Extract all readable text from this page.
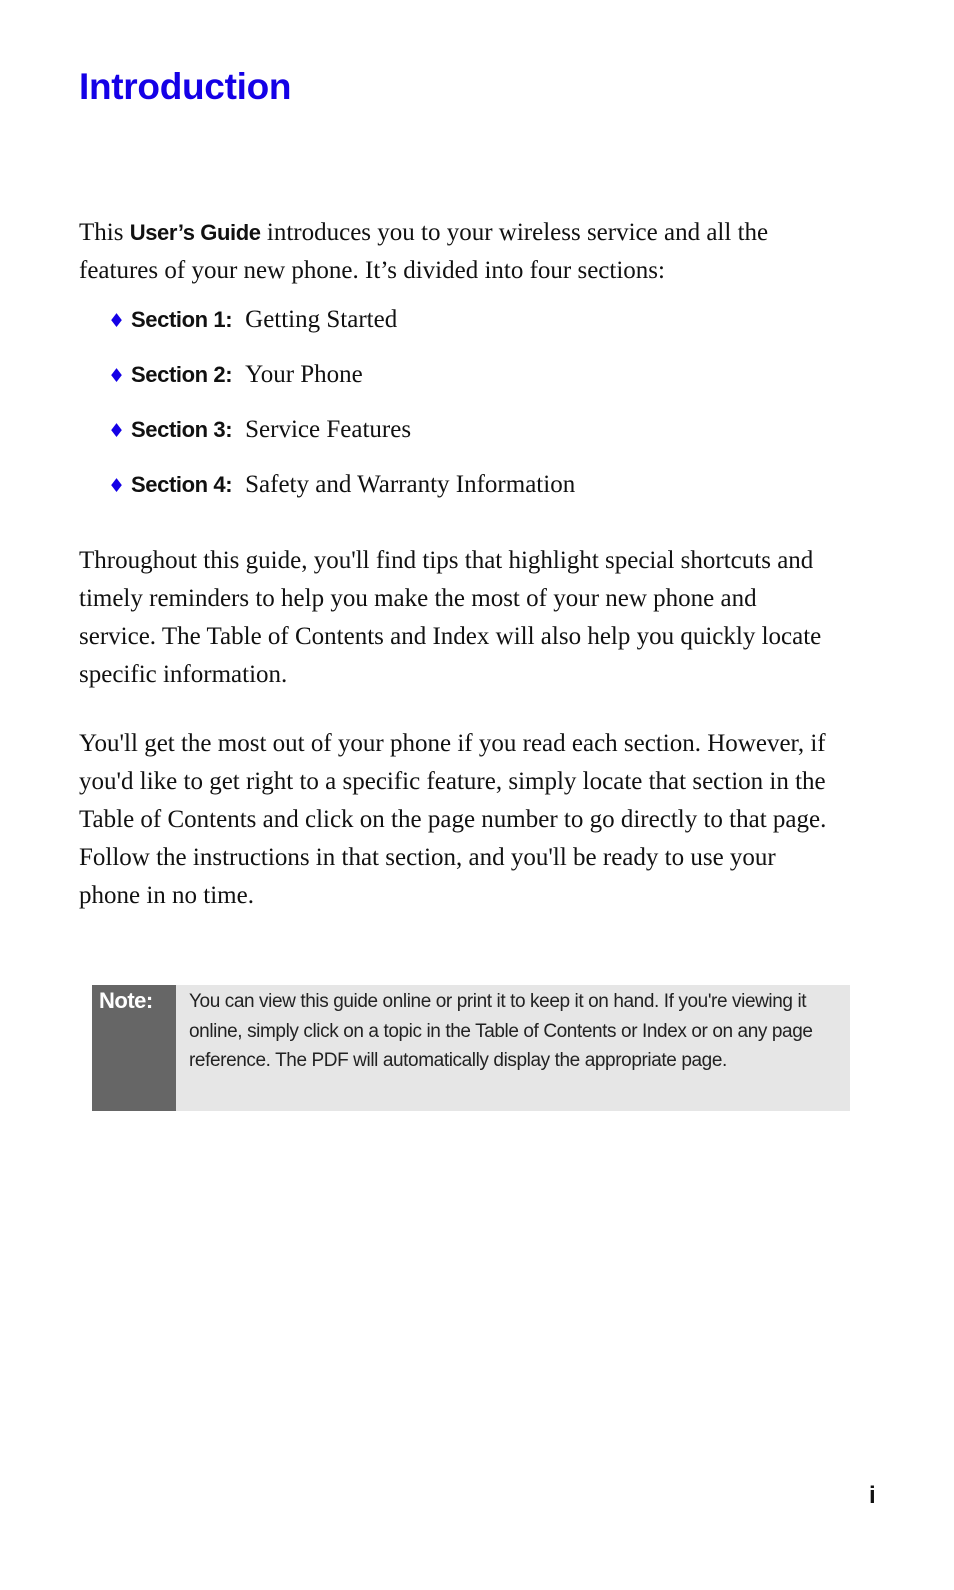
Introduction

This User’s Guide introduces you to your wireless service and all the features of your new phone. It’s divided into four sections:

♦ Section 1: Getting Started
♦ Section 2: Your Phone
♦ Section 3: Service Features
♦ Section 4: Safety and Warranty Information

Throughout this guide, you'll find tips that highlight special shortcuts and timely reminders to help you make the most of your new phone and service. The Table of Contents and Index will also help you quickly locate specific information.

You'll get the most out of your phone if you read each section. However, if you'd like to get right to a specific feature, simply locate that section in the Table of Contents and click on the page number to go directly to that page. Follow the instructions in that section, and you'll be ready to use your phone in no time.

Note:	You can view this guide online or print it to keep it on hand. If you're viewing it online, simply click on a topic in the Table of Contents or Index or on any page reference. The PDF will automatically display the appropriate page.
i
